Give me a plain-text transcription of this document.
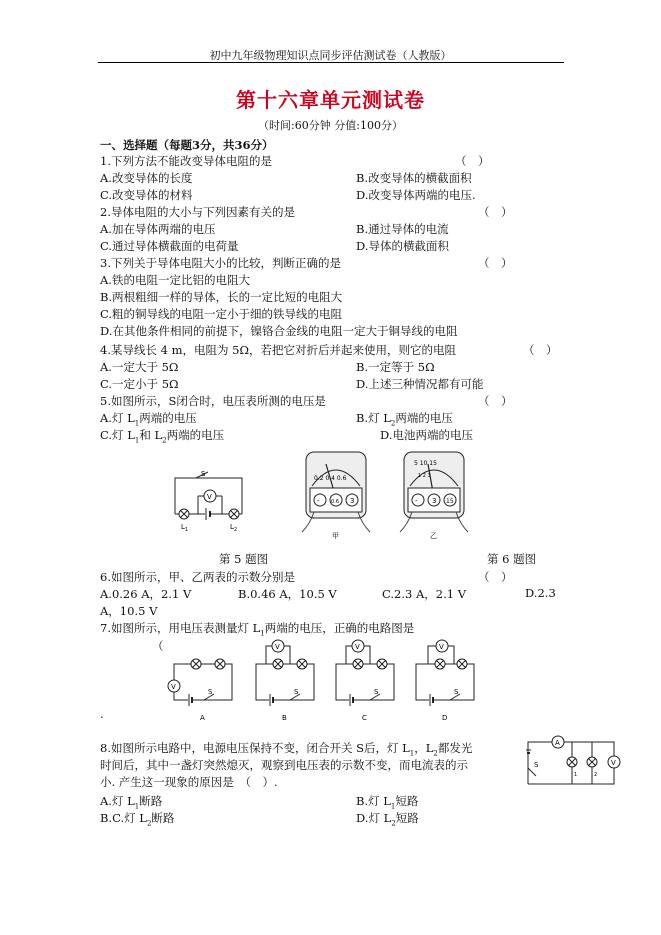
初中九年级物理知识点同步评估测试卷（人教版）
第十六章单元测试卷
（时间:60分钟 分值:100分）
一、选择题（每题3分，共36分）
1.下列方法不能改变导体电阻的是	（　）
A.改变导体的长度	B.改变导体的横截面积
C.改变导体的材料	D.改变导体两端的电压.
2.导体电阻的大小与下列因素有关的是	（　）
A.加在导体两端的电压	B.通过导体的电流
C.通过导体横截面的电荷量	D.导体的横截面积
3.下列关于导体电阻大小的比较，判断正确的是	（　）
A.铁的电阻一定比铝的电阻大
B.两根粗细一样的导体，长的一定比短的电阻大
C.粗的铜导线的电阻一定小于细的铁导线的电阻
D.在其他条件相同的前提下，镍铬合金线的电阻一定大于铜导线的电阻
4.某导线长 4 m，电阻为 5Ω，若把它对折后并起来使用，则它的电阻	（　）
A.一定大于 5Ω	B.一定等于 5Ω
C.一定小于 5Ω	D.上述三种情况都有可能
5.如图所示，S闭合时，电压表所测的电压是	（　）
A.灯 $L_1$两端的电压	B.灯 $L_2$两端的电压
C.灯 $L_1$和 $L_2$两端的电压	D.电池两端的电压
S
V
$L_1$	$L_2$
0.2 0.4 0.6
- 0.6 3
甲
5 10 15
1 2 3
- 3 15
乙
第 5 题图	第 6 题图
6.如图所示，甲、乙两表的示数分别是	（　）
A.0.26 A，2.1 V	B.0.46 A，10.5 V	C.2.3 A，2.1 V	D.2.3
A，10.5 V
7.如图所示，用电压表测量灯 $L_1$两端的电压，正确的电路图是
（
V
V	V	V
S	S	S	S
A	B	C	D
.
8.如图所示电路中，电源电压保持不变，闭合开关 S后，灯 $L_1$，$L_2$都发光
时间后，其中一盏灯突然熄灭，观察到电压表的示数不变，而电流表的示
小. 产生这一现象的原因是　（　）.
A.灯 $L_1$断路	B.灯 $L_1$短路
B.C.灯 $L_2$断路	D.灯 $L_2$短路
A
V
S
1	2
